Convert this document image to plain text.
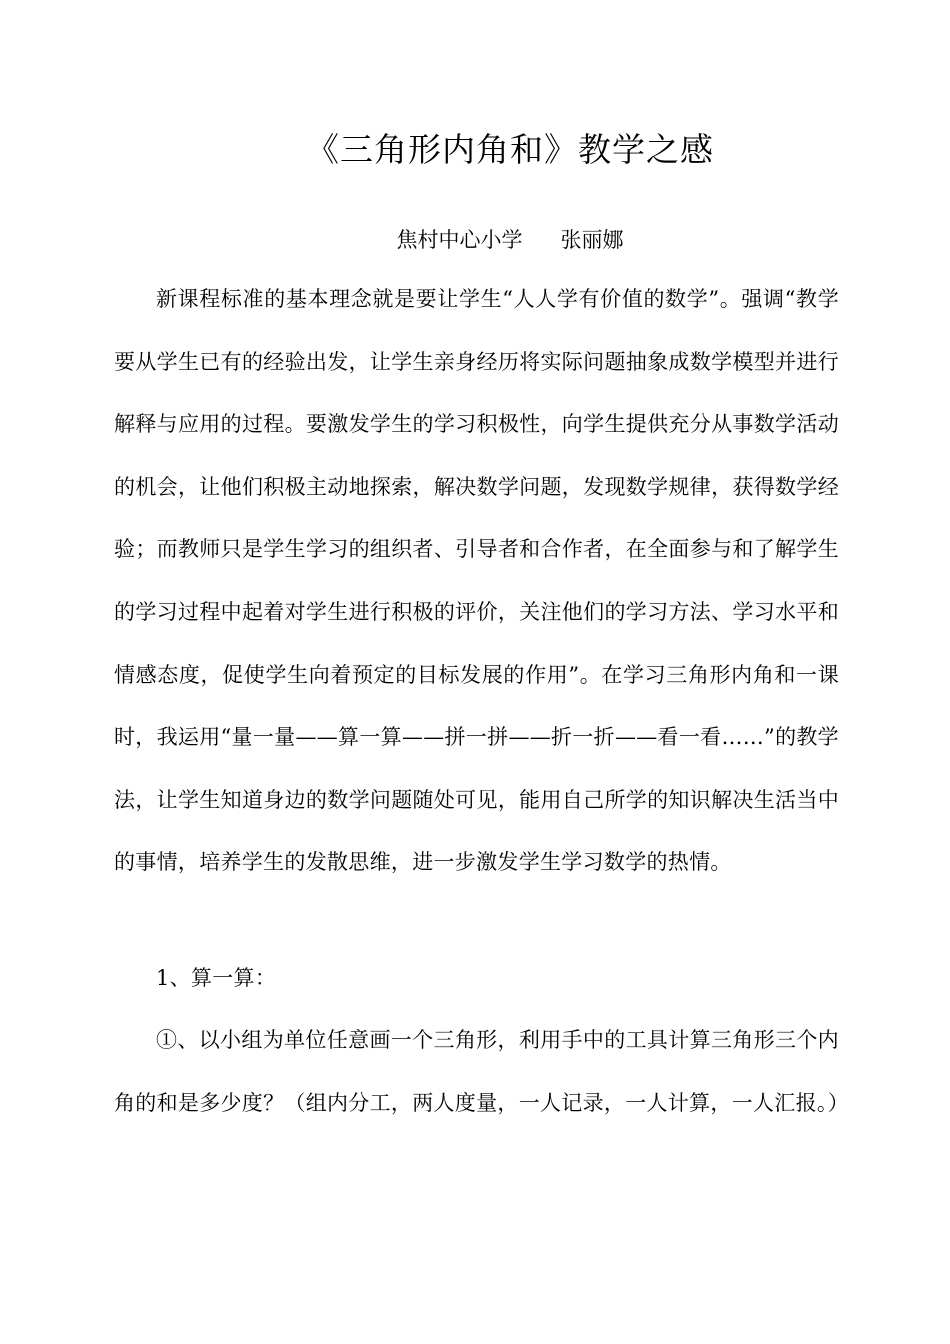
《三角形内角和》教学之感
焦村中心小学 张丽娜

新课程标准的基本理念就是要让学生“人人学有价值的数学”。强调“教学要从学生已有的经验出发，让学生亲身经历将实际问题抽象成数学模型并进行解释与应用的过程。要激发学生的学习积极性，向学生提供充分从事数学活动的机会，让他们积极主动地探索，解决数学问题，发现数学规律，获得数学经验；而教师只是学生学习的组织者、引导者和合作者，在全面参与和了解学生的学习过程中起着对学生进行积极的评价，关注他们的学习方法、学习水平和情感态度，促使学生向着预定的目标发展的作用”。在学习三角形内角和一课时，我运用“量一量——算一算——拼一拼——折一折——看一看……”的教学法，让学生知道身边的数学问题随处可见，能用自己所学的知识解决生活当中的事情，培养学生的发散思维，进一步激发学生学习数学的热情。

1、算一算：

①、以小组为单位任意画一个三角形，利用手中的工具计算三角形三个内角的和是多少度？（组内分工，两人度量，一人记录，一人计算，一人汇报。）
